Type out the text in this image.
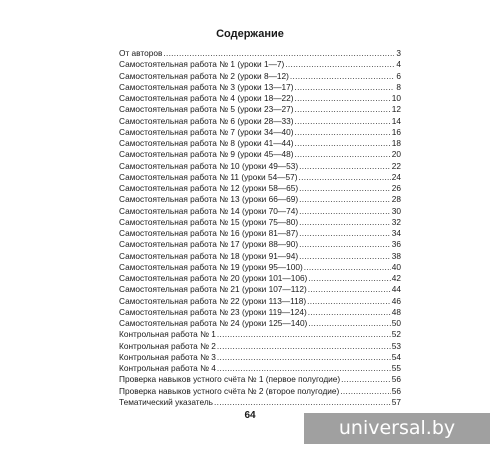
Содержание
От авторов .....	3
Самостоятельная работа № 1 (уроки 1—7) .....	4
Самостоятельная работа № 2 (уроки 8—12) .....	6
Самостоятельная работа № 3 (уроки 13—17) .....	8
Самостоятельная работа № 4 (уроки 18—22) .....	10
Самостоятельная работа № 5 (уроки 23—27) .....	12
Самостоятельная работа № 6 (уроки 28—33) .....	14
Самостоятельная работа № 7 (уроки 34—40) .....	16
Самостоятельная работа № 8 (уроки 41—44) .....	18
Самостоятельная работа № 9 (уроки 45—48) .....	20
Самостоятельная работа № 10 (уроки 49—53) .....	22
Самостоятельная работа № 11 (уроки 54—57) .....	24
Самостоятельная работа № 12 (уроки 58—65) .....	26
Самостоятельная работа № 13 (уроки 66—69) .....	28
Самостоятельная работа № 14 (уроки 70—74) .....	30
Самостоятельная работа № 15 (уроки 75—80) .....	32
Самостоятельная работа № 16 (уроки 81—87) .....	34
Самостоятельная работа № 17 (уроки 88—90) .....	36
Самостоятельная работа № 18 (уроки 91—94) .....	38
Самостоятельная работа № 19 (уроки 95—100) .....	40
Самостоятельная работа № 20 (уроки 101—106) .....	42
Самостоятельная работа № 21 (уроки 107—112) .....	44
Самостоятельная работа № 22 (уроки 113—118) .....	46
Самостоятельная работа № 23 (уроки 119—124) .....	48
Самостоятельная работа № 24 (уроки 125—140) .....	50
Контрольная работа № 1 .....	52
Контрольная работа № 2 .....	53
Контрольная работа № 3 .....	54
Контрольная работа № 4 .....	55
Проверка навыков устного счёта № 1 (первое полугодие) .....	56
Проверка навыков устного счёта № 2 (второе полугодие) .....	56
Тематический указатель .....	57
64
universal.by
